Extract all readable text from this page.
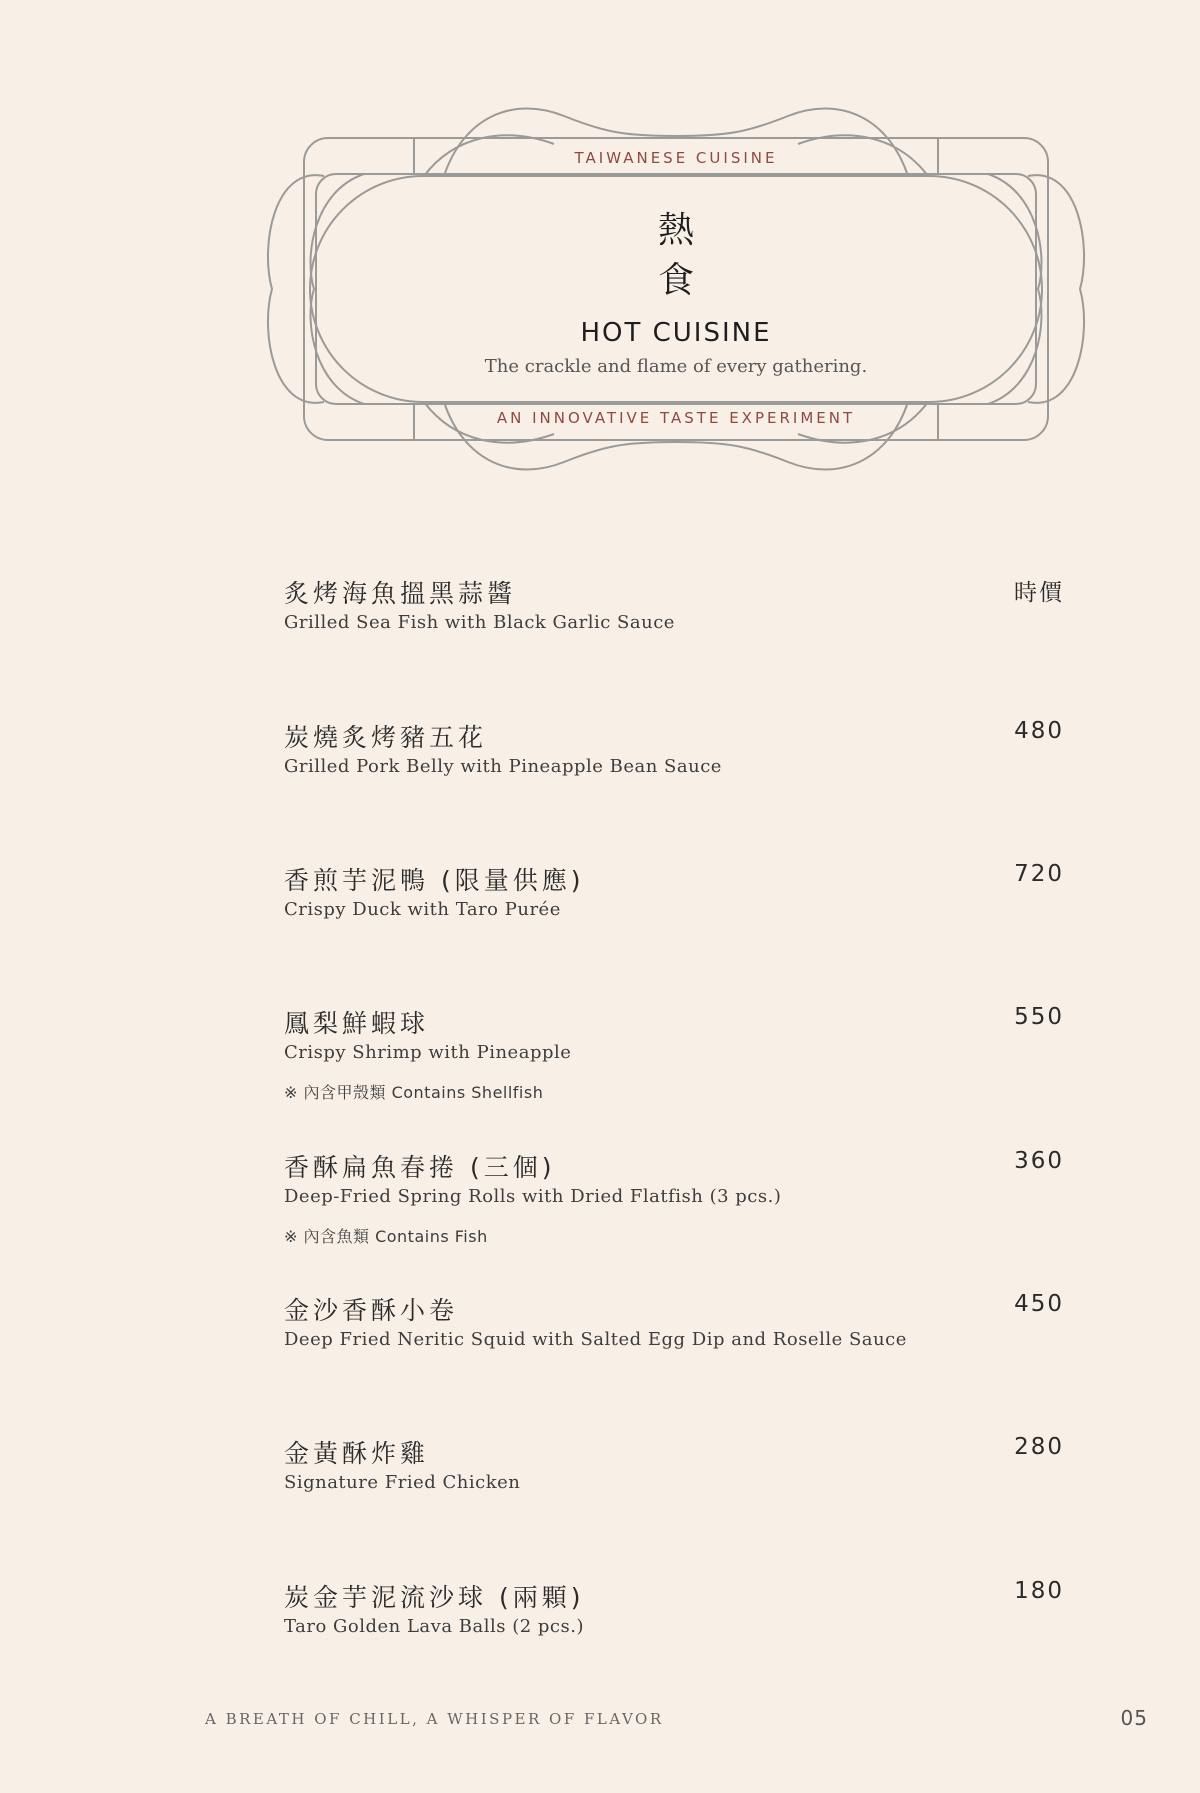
TAIWANESE CUISINE
熱
食
HOT CUISINE
The crackle and flame of every gathering.
AN INNOVATIVE TASTE EXPERIMENT
炙烤海魚搵黑蒜醬
Grilled Sea Fish with Black Garlic Sauce
時價
炭燒炙烤豬五花
Grilled Pork Belly with Pineapple Bean Sauce
480
香煎芋泥鴨 (限量供應)
Crispy Duck with Taro Purée
720
鳳梨鮮蝦球
Crispy Shrimp with Pineapple
※ 內含甲殼類 Contains Shellfish
550
香酥扁魚春捲 (三個)
Deep-Fried Spring Rolls with Dried Flatfish (3 pcs.)
※ 內含魚類 Contains Fish
360
金沙香酥小卷
Deep Fried Neritic Squid with Salted Egg Dip and Roselle Sauce
450
金黃酥炸雞
Signature Fried Chicken
280
炭金芋泥流沙球 (兩顆)
Taro Golden Lava Balls (2 pcs.)
180
A BREATH OF CHILL, A WHISPER OF FLAVOR	05
